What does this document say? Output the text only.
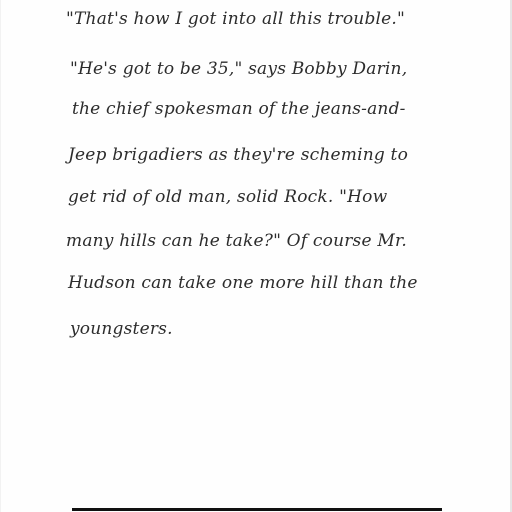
"That's how I got into all this trouble."
"He's got to be 35," says Bobby Darin,
the chief spokesman of the jeans-and-
Jeep brigadiers as they're scheming to
get rid of old man, solid Rock. "How
many hills can he take?" Of course Mr.
Hudson can take one more hill than the
youngsters.
